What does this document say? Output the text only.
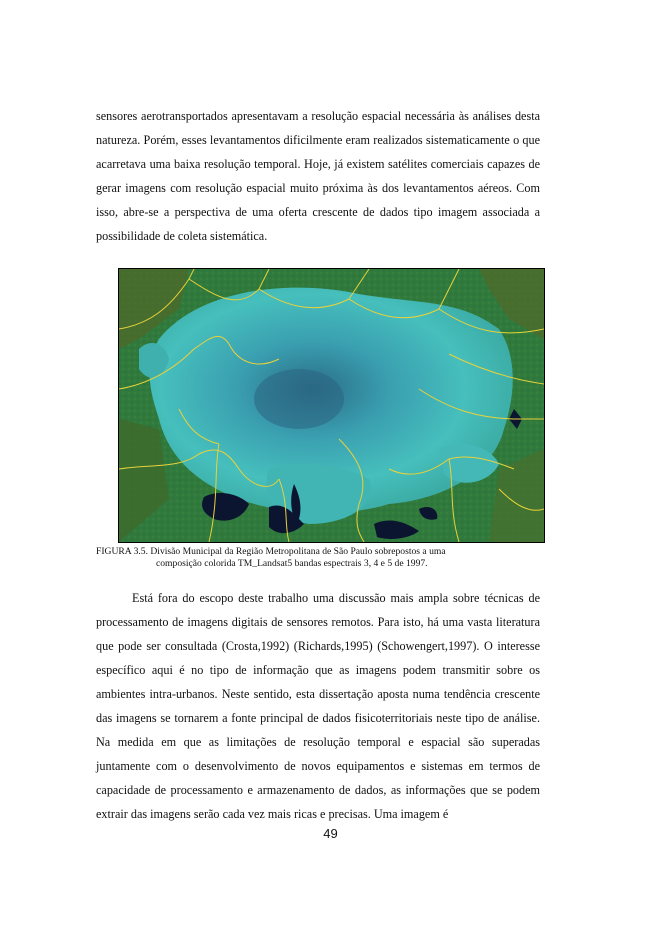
sensores aerotransportados apresentavam a resolução espacial necessária às análises desta natureza. Porém, esses levantamentos dificilmente eram realizados sistematicamente o que acarretava uma baixa resolução temporal. Hoje, já existem satélites comerciais capazes de gerar imagens com resolução espacial muito próxima às dos levantamentos aéreos. Com isso, abre-se a perspectiva de uma oferta crescente de dados tipo imagem associada a possibilidade de coleta sistemática.

FIGURA 3.5. Divisão Municipal da Região Metropolitana de São Paulo sobrepostos a uma
composição colorida TM_Landsat5 bandas espectrais 3, 4 e 5 de 1997.

Está fora do escopo deste trabalho uma discussão mais ampla sobre técnicas de processamento de imagens digitais de sensores remotos. Para isto, há uma vasta literatura que pode ser consultada (Crosta,1992) (Richards,1995) (Schowengert,1997). O interesse específico aqui é no tipo de informação que as imagens podem transmitir sobre os ambientes intra-urbanos. Neste sentido, esta dissertação aposta numa tendência crescente das imagens se tornarem a fonte principal de dados fisicoterritoriais neste tipo de análise. Na medida em que as limitações de resolução temporal e espacial são superadas juntamente com o desenvolvimento de novos equipamentos e sistemas em termos de capacidade de processamento e armazenamento de dados, as informações que se podem extrair das imagens serão cada vez mais ricas e precisas. Uma imagem é

49
